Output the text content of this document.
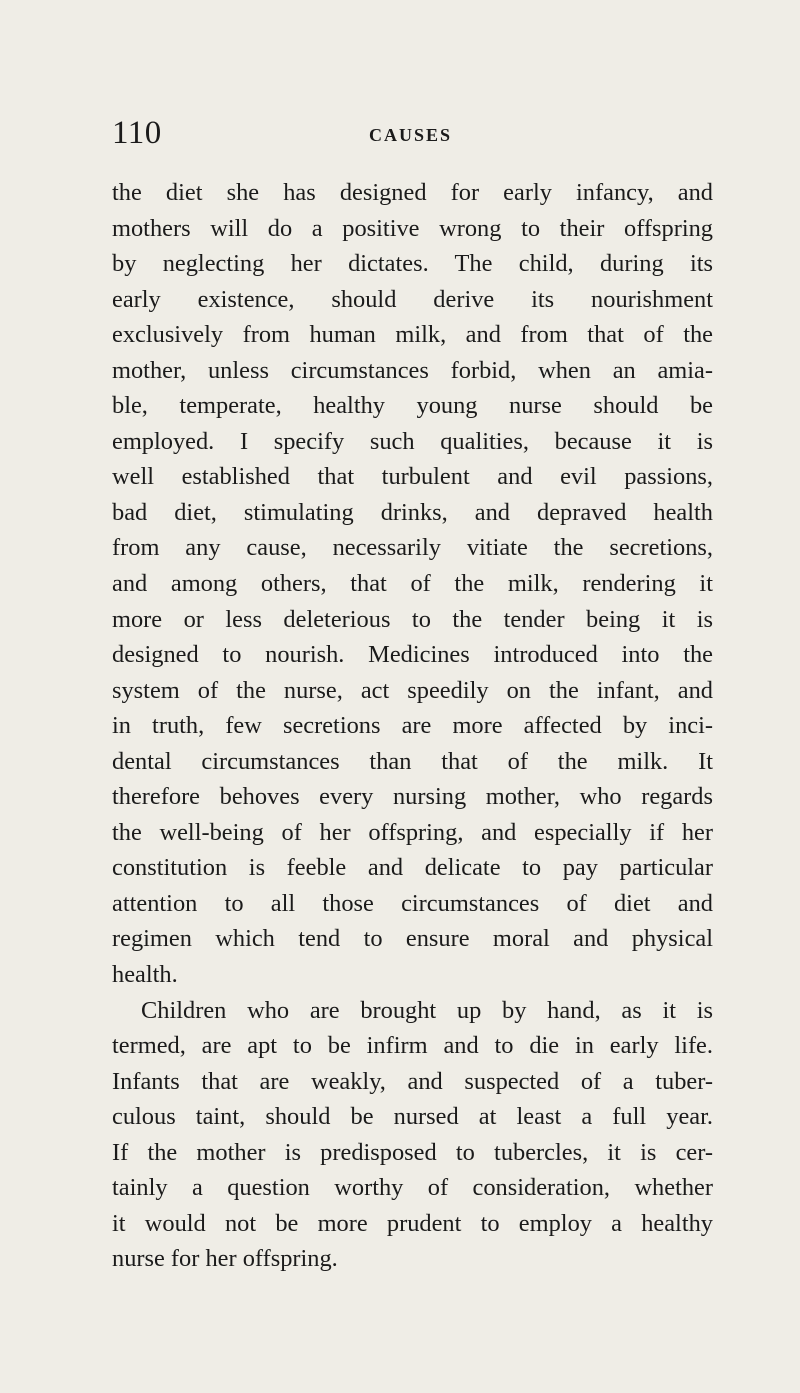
110	CAUSES
the diet she has designed for early infancy, and
mothers will do a positive wrong to their offspring
by neglecting her dictates. The child, during its
early existence, should derive its nourishment
exclusively from human milk, and from that of the
mother, unless circumstances forbid, when an amia-
ble, temperate, healthy young nurse should be
employed. I specify such qualities, because it is
well established that turbulent and evil passions,
bad diet, stimulating drinks, and depraved health
from any cause, necessarily vitiate the secretions,
and among others, that of the milk, rendering it
more or less deleterious to the tender being it is
designed to nourish. Medicines introduced into the
system of the nurse, act speedily on the infant, and
in truth, few secretions are more affected by inci-
dental circumstances than that of the milk. It
therefore behoves every nursing mother, who regards
the well-being of her offspring, and especially if her
constitution is feeble and delicate to pay particular
attention to all those circumstances of diet and
regimen which tend to ensure moral and physical
health.
Children who are brought up by hand, as it is
termed, are apt to be infirm and to die in early life.
Infants that are weakly, and suspected of a tuber-
culous taint, should be nursed at least a full year.
If the mother is predisposed to tubercles, it is cer-
tainly a question worthy of consideration, whether
it would not be more prudent to employ a healthy
nurse for her offspring.
